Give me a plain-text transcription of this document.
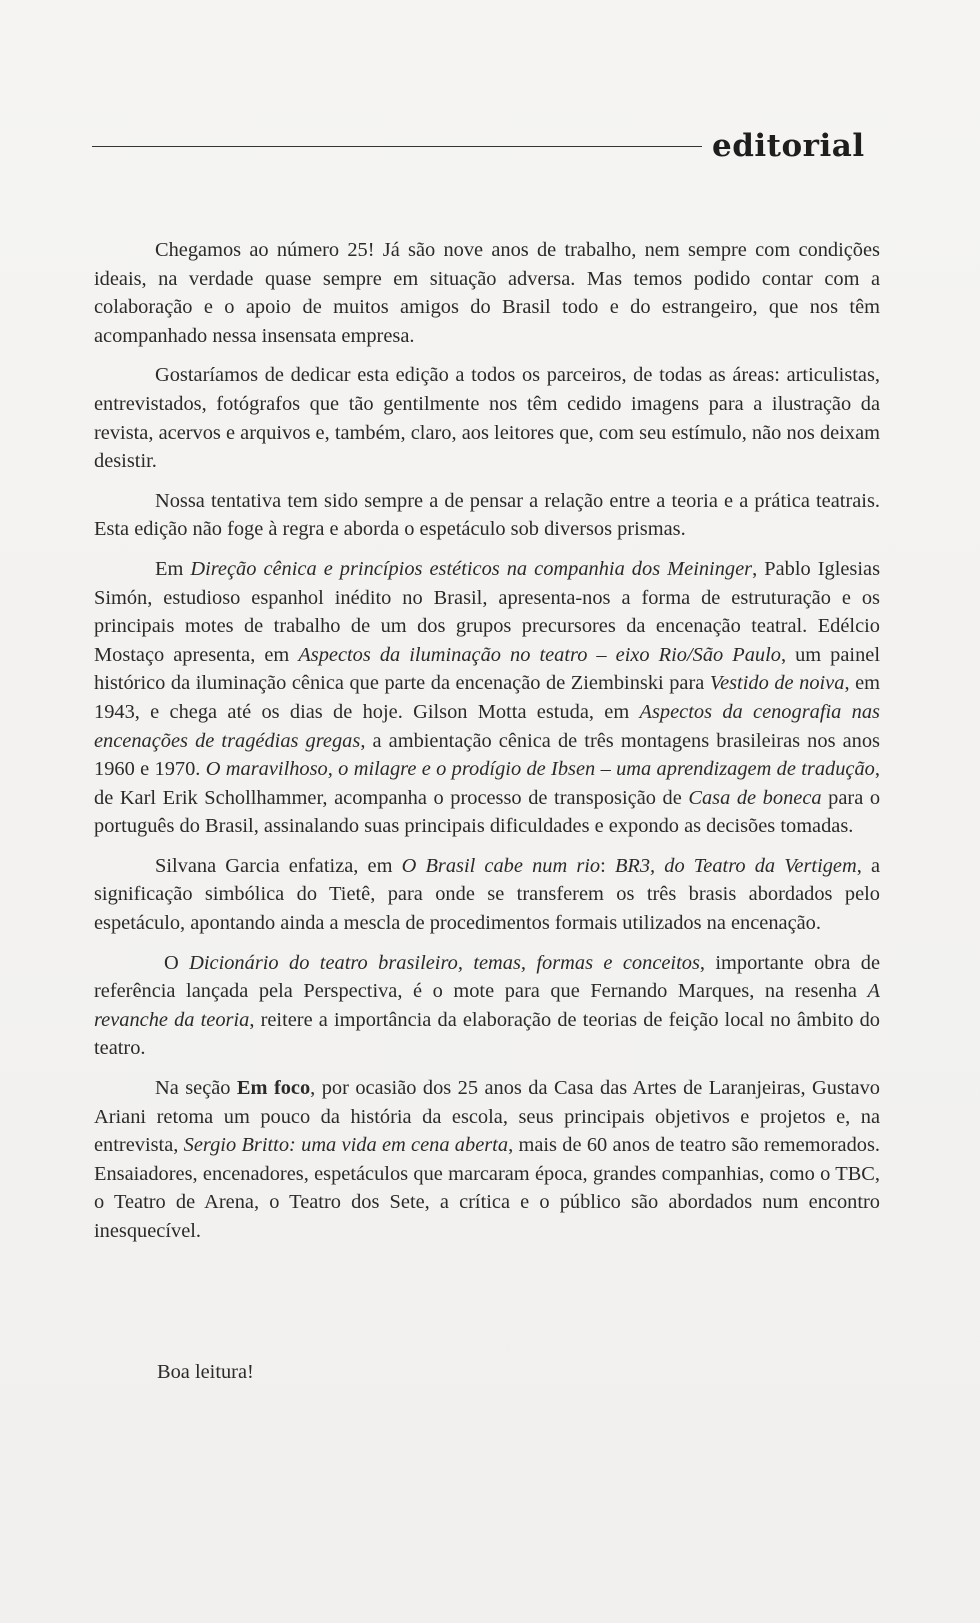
editorial

Chegamos ao número 25! Já são nove anos de trabalho, nem sempre com condições ideais, na verdade quase sempre em situação adversa. Mas temos podido contar com a colaboração e o apoio de muitos amigos do Brasil todo e do estrangeiro, que nos têm acompanhado nessa insensata empresa.

Gostaríamos de dedicar esta edição a todos os parceiros, de todas as áreas: articulistas, entrevistados, fotógrafos que tão gentilmente nos têm cedido imagens para a ilustração da revista, acervos e arquivos e, também, claro, aos leitores que, com seu estímulo, não nos deixam desistir.

Nossa tentativa tem sido sempre a de pensar a relação entre a teoria e a prática teatrais. Esta edição não foge à regra e aborda o espetáculo sob diversos prismas.

Em Direção cênica e princípios estéticos na companhia dos Meininger, Pablo Iglesias Simón, estudioso espanhol inédito no Brasil, apresenta-nos a forma de estruturação e os principais motes de trabalho de um dos grupos precursores da encenação teatral. Edélcio Mostaço apresenta, em Aspectos da iluminação no teatro – eixo Rio/São Paulo, um painel histórico da iluminação cênica que parte da encenação de Ziembinski para Vestido de noiva, em 1943, e chega até os dias de hoje. Gilson Motta estuda, em Aspectos da cenografia nas encenações de tragédias gregas, a ambientação cênica de três montagens brasileiras nos anos 1960 e 1970. O maravilhoso, o milagre e o prodígio de Ibsen – uma aprendizagem de tradução, de Karl Erik Schollhammer, acompanha o processo de transposição de Casa de boneca para o português do Brasil, assinalando suas principais dificuldades e expondo as decisões tomadas.

Silvana Garcia enfatiza, em O Brasil cabe num rio: BR3, do Teatro da Vertigem, a significação simbólica do Tietê, para onde se transferem os três brasis abordados pelo espetáculo, apontando ainda a mescla de procedimentos formais utilizados na encenação.

O Dicionário do teatro brasileiro, temas, formas e conceitos, importante obra de referência lançada pela Perspectiva, é o mote para que Fernando Marques, na resenha A revanche da teoria, reitere a importância da elaboração de teorias de feição local no âmbito do teatro.

Na seção Em foco, por ocasião dos 25 anos da Casa das Artes de Laranjeiras, Gustavo Ariani retoma um pouco da história da escola, seus principais objetivos e projetos e, na entrevista, Sergio Britto: uma vida em cena aberta, mais de 60 anos de teatro são rememorados. Ensaiadores, encenadores, espetáculos que marcaram época, grandes companhias, como o TBC, o Teatro de Arena, o Teatro dos Sete, a crítica e o público são abordados num encontro inesquecível.

Boa leitura!
